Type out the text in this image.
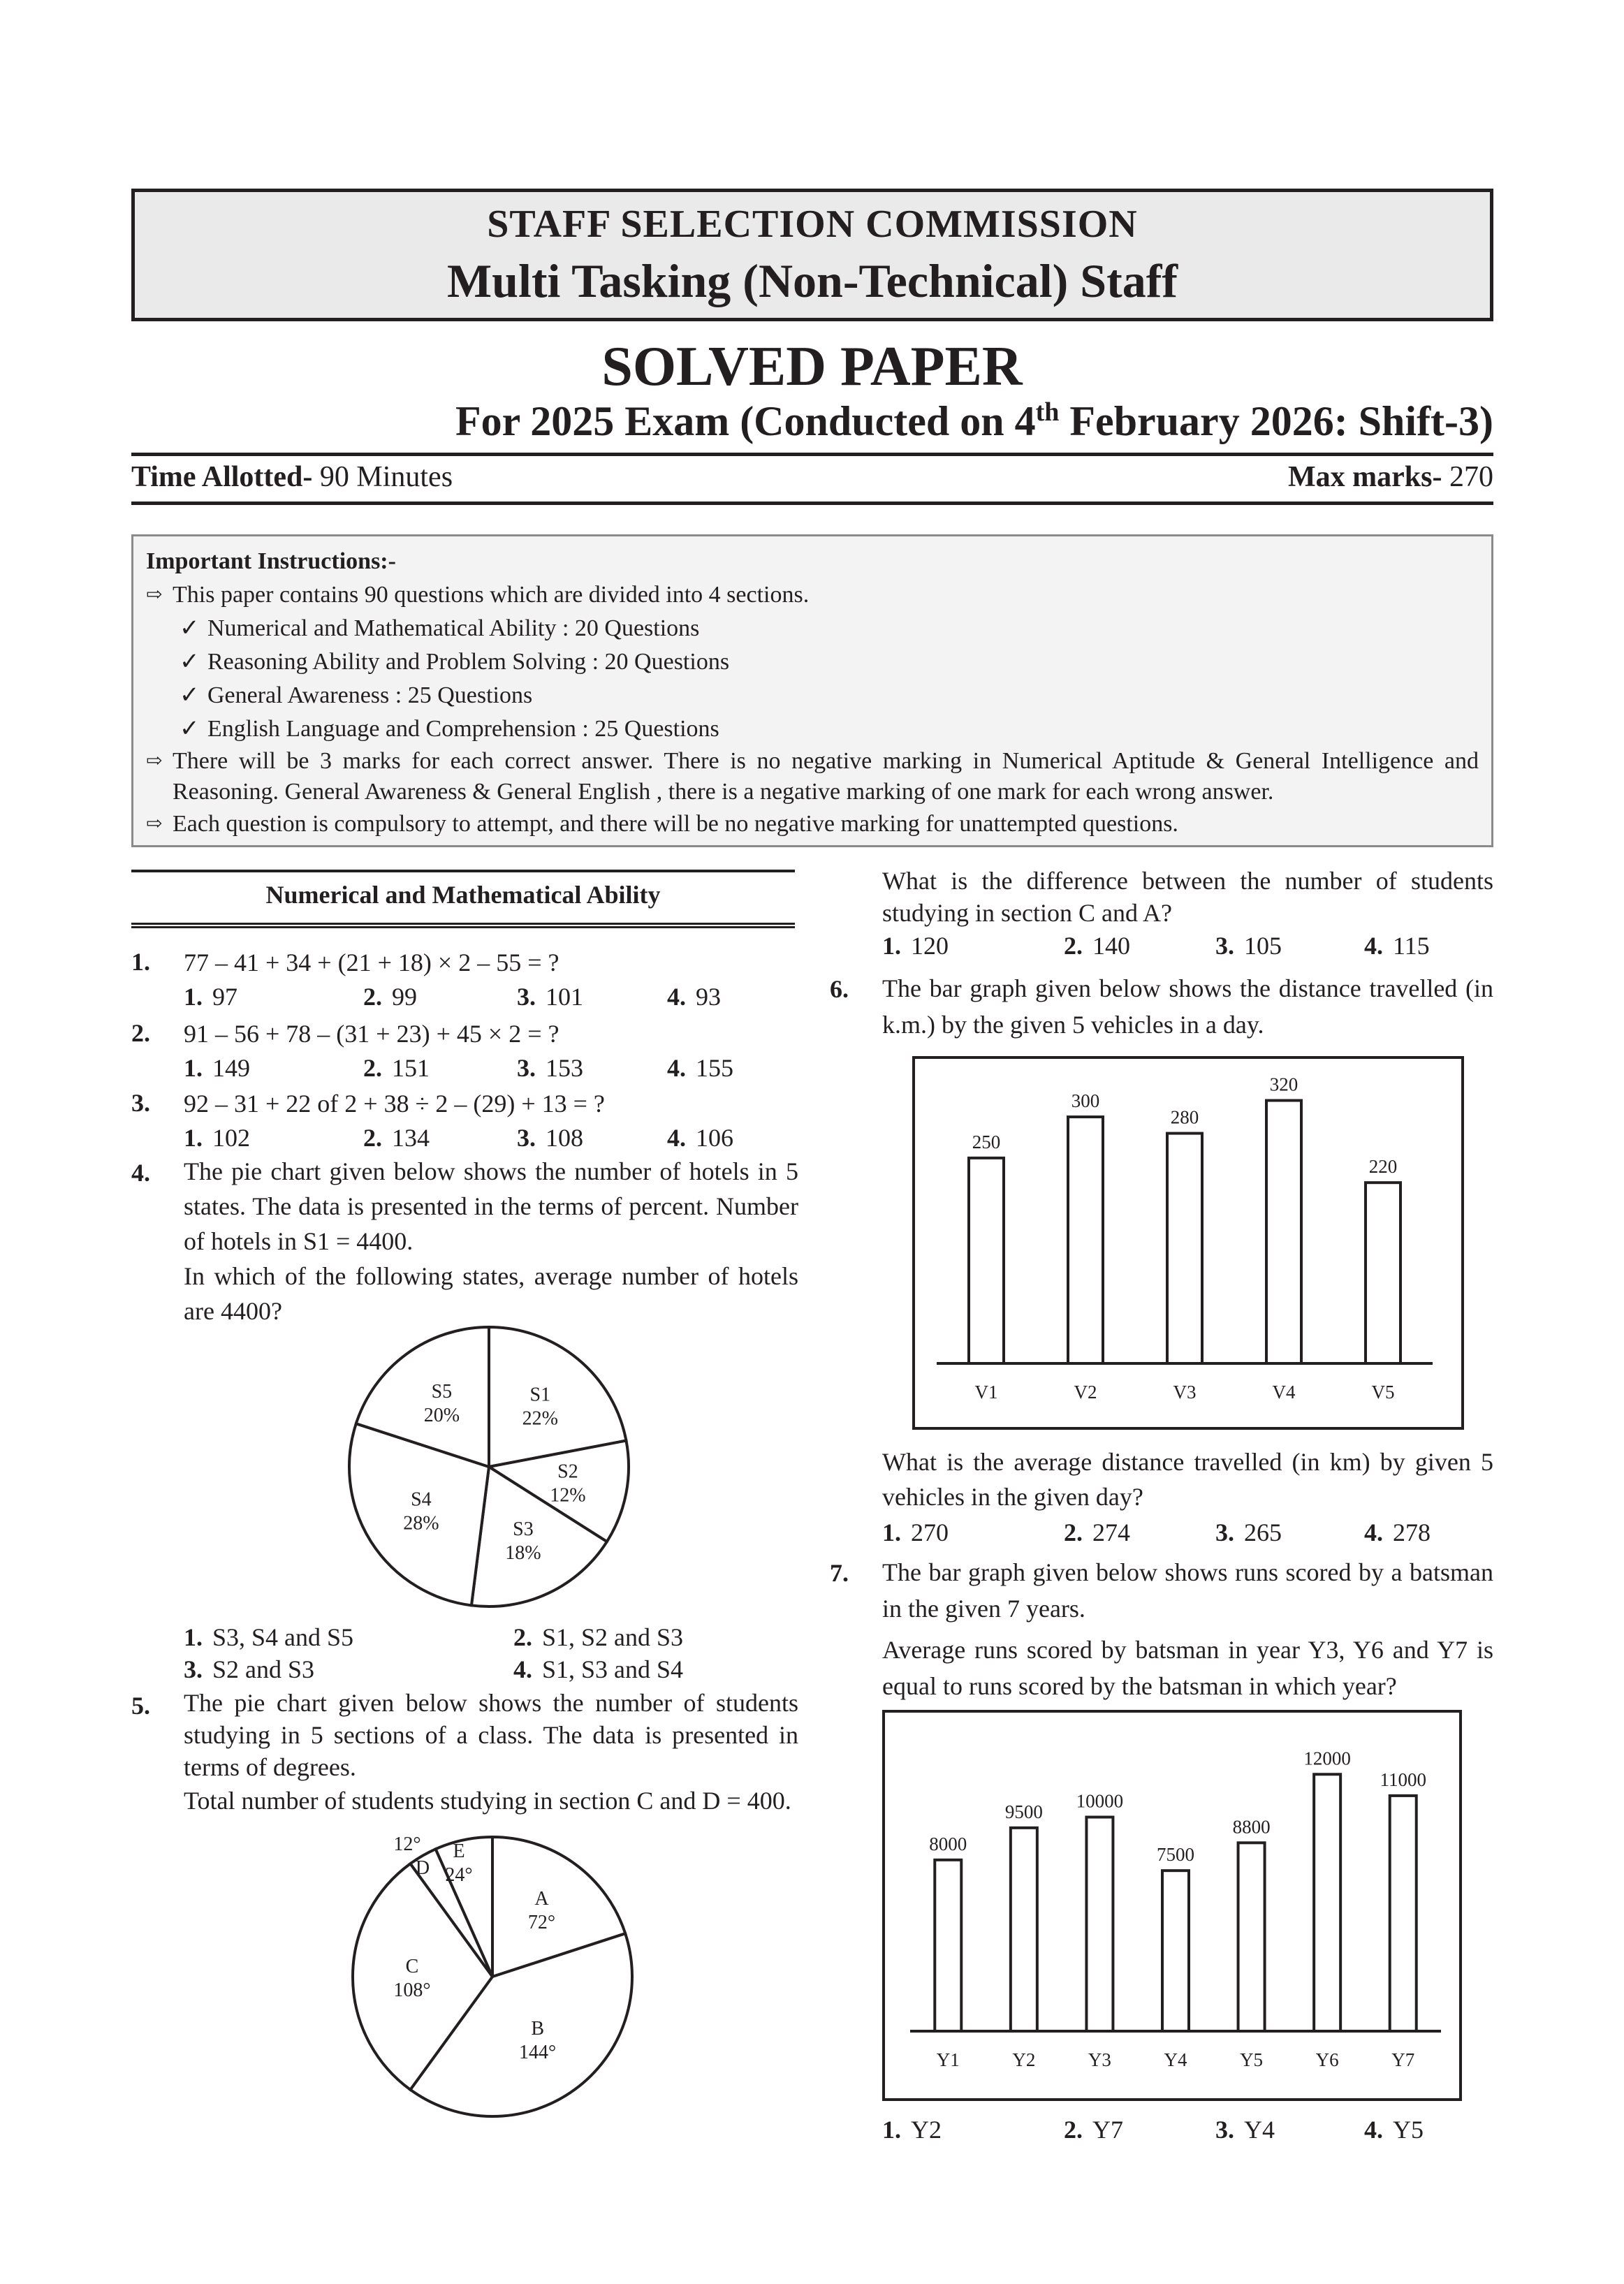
STAFF SELECTION COMMISSION
Multi Tasking (Non-Technical) Staff
SOLVED PAPER
For 2025 Exam (Conducted on 4th February 2026: Shift-3)
Time Allotted- 90 Minutes	Max marks- 270
Important Instructions:-
⇨ This paper contains 90 questions which are divided into 4 sections.
✓ Numerical and Mathematical Ability : 20 Questions
✓ Reasoning Ability and Problem Solving : 20 Questions
✓ General Awareness : 25 Questions
✓ English Language and Comprehension : 25 Questions
⇨ There will be 3 marks for each correct answer. There is no negative marking in Numerical Aptitude & General Intelligence and Reasoning. General Awareness & General English , there is a negative marking of one mark for each wrong answer.
⇨ Each question is compulsory to attempt, and there will be no negative marking for unattempted questions.
Numerical and Mathematical Ability
1. 77 – 41 + 34 + (21 + 18) × 2 – 55 = ?
1. 97	2. 99	3. 101	4. 93
2. 91 – 56 + 78 – (31 + 23) + 45 × 2 = ?
1. 149	2. 151	3. 153	4. 155
3. 92 – 31 + 22 of 2 + 38 ÷ 2 – (29) + 13 = ?
1. 102	2. 134	3. 108	4. 106
4. The pie chart given below shows the number of hotels in 5 states. The data is presented in the terms of percent. Number of hotels in S1 = 4400.
In which of the following states, average number of hotels are 4400?
S1
22%
S2
12%
S3
18%
S4
28%
S5
20%
1. S3, S4 and S5	2. S1, S2 and S3
3. S2 and S3	4. S1, S3 and S4
5. The pie chart given below shows the number of students studying in 5 sections of a class. The data is presented in terms of degrees.
Total number of students studying in section C and D = 400.
A
72°
B
144°
C
108°
D
12° E
24°
What is the difference between the number of students studying in section C and A?
1. 120	2. 140	3. 105	4. 115
6. The bar graph given below shows the distance travelled (in k.m.) by the given 5 vehicles in a day.
250
V1
300
V2
280
V3
320
V4
220
V5
What is the average distance travelled (in km) by given 5 vehicles in the given day?
1. 270	2. 274	3. 265	4. 278
7. The bar graph given below shows runs scored by a batsman in the given 7 years.
Average runs scored by batsman in year Y3, Y6 and Y7 is equal to runs scored by the batsman in which year?
8000
Y1
9500
Y2
10000
Y3
7500
Y4
8800
Y5
12000
Y6
11000
Y7
1. Y2	2. Y7	3. Y4	4. Y5
